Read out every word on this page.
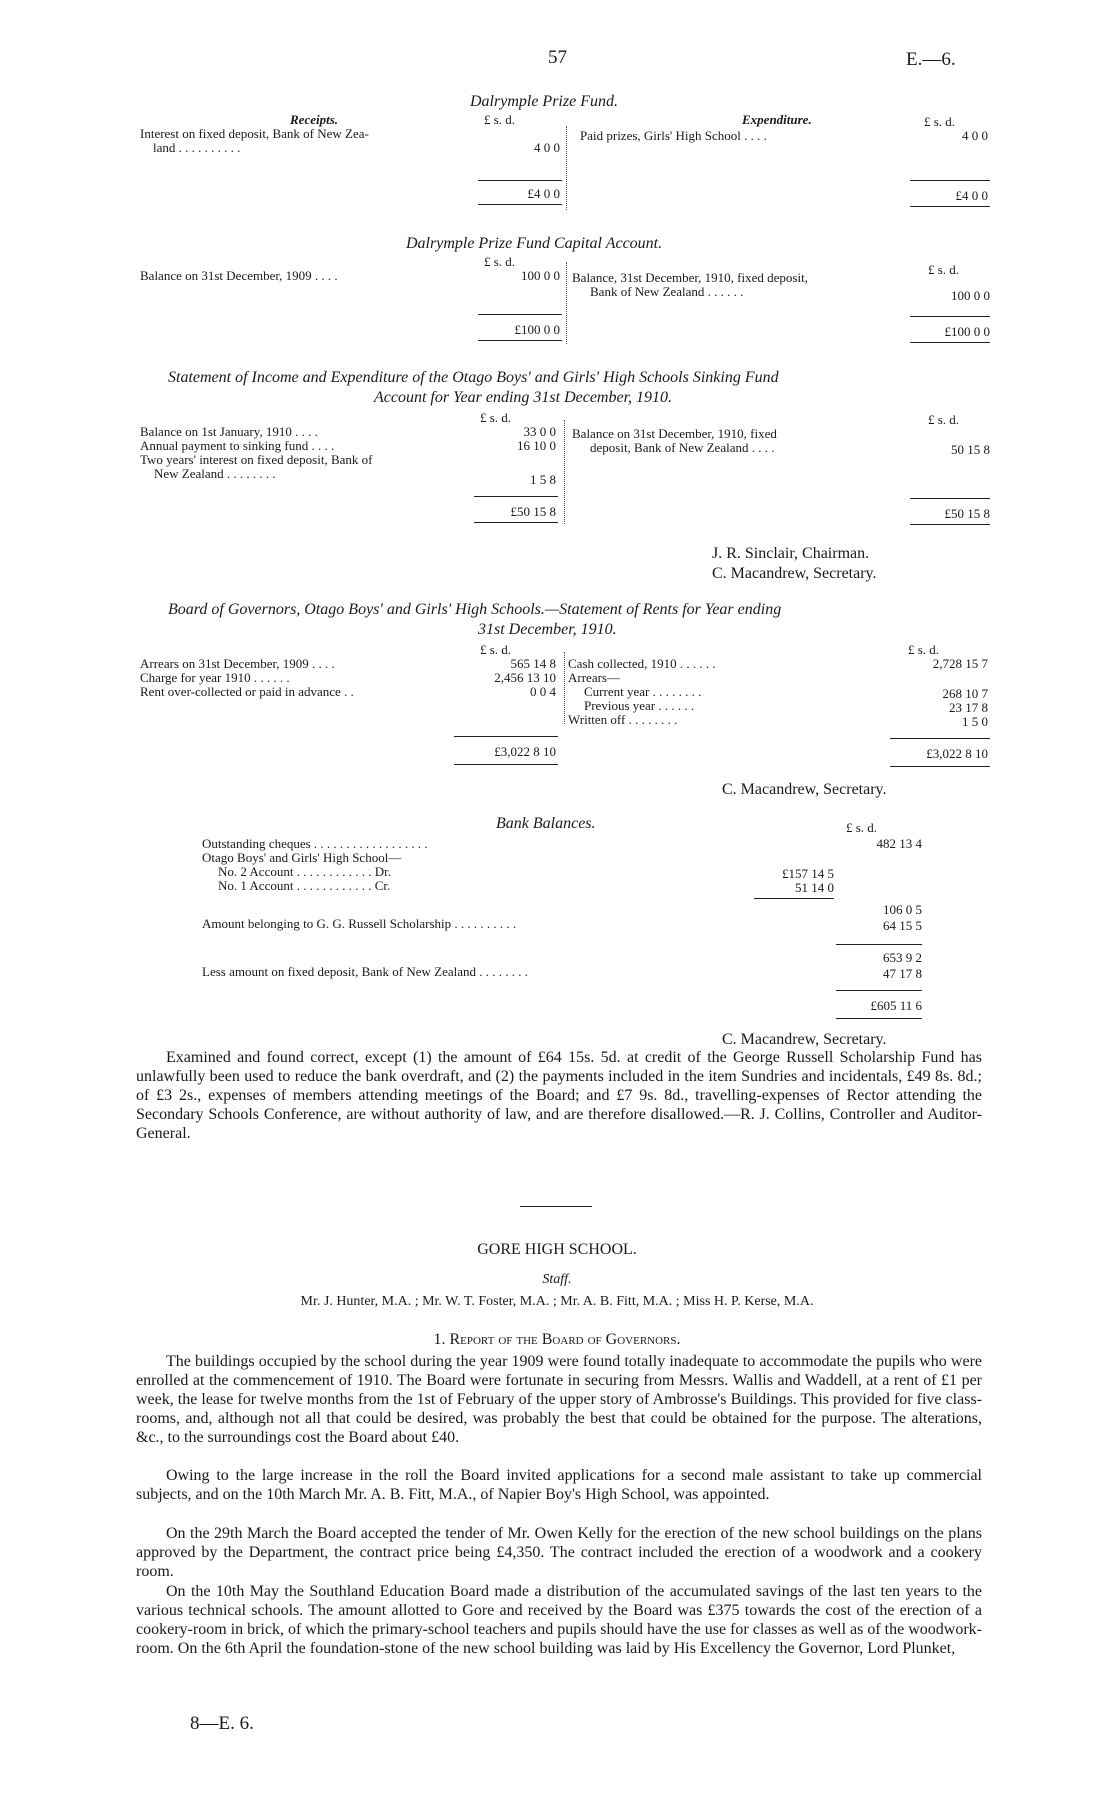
57	E.—6.
Dalrymple Prize Fund.
Receipts.	Expenditure.
£ s. d.	£ s. d.
Interest on fixed deposit, Bank of New Zea-
land . . . . . . . . . .	4 0 0
Paid prizes, Girls' High School . . . .	4 0 0
£4 0 0	£4 0 0
Dalrymple Prize Fund Capital Account.
£ s. d.
£ s. d.
Balance on 31st December, 1909 . . . .	100 0 0 Balance, 31st December, 1910, fixed deposit,
Bank of New Zealand . . . . . .	100 0 0
£100 0 0	£100 0 0
Statement of Income and Expenditure of the Otago Boys' and Girls' High Schools Sinking Fund
Account for Year ending 31st December, 1910.
£ s. d.	£ s. d.
Balance on 1st January, 1910 . . . .	33 0 0
Annual payment to sinking fund . . . .	16 10 0
Two years' interest on fixed deposit, Bank of
New Zealand . . . . . . . .	1 5 8
Balance on 31st December, 1910, fixed
deposit, Bank of New Zealand . . . .	50 15 8
£50 15 8	£50 15 8
J. R. Sinclair, Chairman.
C. Macandrew, Secretary.
Board of Governors, Otago Boys' and Girls' High Schools.—Statement of Rents for Year ending
31st December, 1910.
£ s. d.	£ s. d.
Arrears on 31st December, 1909 . . . .	565 14 8
Charge for year 1910 . . . . . .	2,456 13 10
Rent over-collected or paid in advance . .	0 0 4
Cash collected, 1910 . . . . . .	2,728 15 7
Arrears—
Current year . . . . . . . .	268 10 7
Previous year . . . . . .	23 17 8
Written off . . . . . . . .	1 5 0
£3,022 8 10	£3,022 8 10
C. Macandrew, Secretary.
Bank Balances.	£ s. d.
Outstanding cheques . . . . . . . . . . . . . . . . . .	482 13 4
Otago Boys' and Girls' High School—
No. 2 Account . . . . . . . . . . . . Dr.	£157 14 5
No. 1 Account . . . . . . . . . . . . Cr.	51 14 0
106 0 5
Amount belonging to G. G. Russell Scholarship . . . . . . . . . .	64 15 5
653 9 2
Less amount on fixed deposit, Bank of New Zealand . . . . . . . .	47 17 8
£605 11 6
C. Macandrew, Secretary.
Examined and found correct, except (1) the amount of £64 15s. 5d. at credit of the George Russell Scholarship Fund has unlawfully been used to reduce the bank overdraft, and (2) the payments included in the item Sundries and incidentals, £49 8s. 8d.; of £3 2s., expenses of members attending meetings of the Board; and £7 9s. 8d., travelling-expenses of Rector attending the Secondary Schools Conference, are without authority of law, and are therefore disallowed.—R. J. Collins, Controller and Auditor-General.
GORE HIGH SCHOOL.
Staff.
Mr. J. Hunter, M.A. ; Mr. W. T. Foster, M.A. ; Mr. A. B. Fitt, M.A. ; Miss H. P. Kerse, M.A.
1. Report of the Board of Governors.
The buildings occupied by the school during the year 1909 were found totally inadequate to accommodate the pupils who were enrolled at the commencement of 1910. The Board were fortunate in securing from Messrs. Wallis and Waddell, at a rent of £1 per week, the lease for twelve months from the 1st of February of the upper story of Ambrosse's Buildings. This provided for five class-rooms, and, although not all that could be desired, was probably the best that could be obtained for the purpose. The alterations, &c., to the surroundings cost the Board about £40.
Owing to the large increase in the roll the Board invited applications for a second male assistant to take up commercial subjects, and on the 10th March Mr. A. B. Fitt, M.A., of Napier Boy's High School, was appointed.
On the 29th March the Board accepted the tender of Mr. Owen Kelly for the erection of the new school buildings on the plans approved by the Department, the contract price being £4,350. The contract included the erection of a woodwork and a cookery room.
On the 10th May the Southland Education Board made a distribution of the accumulated savings of the last ten years to the various technical schools. The amount allotted to Gore and received by the Board was £375 towards the cost of the erection of a cookery-room in brick, of which the primary-school teachers and pupils should have the use for classes as well as of the woodwork-room. On the 6th April the foundation-stone of the new school building was laid by His Excellency the Governor, Lord Plunket,
8—E. 6.
